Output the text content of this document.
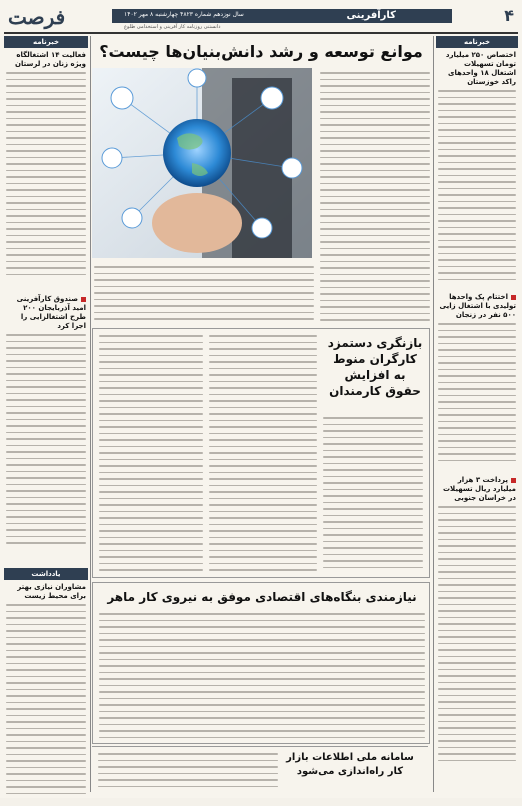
۴
کارآفرینی
سال نوزدهم شماره ۴۸۲۳ چهارشنبه ۸ مهر ۱۴۰۲
دانستنی روزنامه کار آفرینی و استخدامی طلوع
فرصت
خبرنامه
اختصاص ۲۵۰ میلیارد تومان تسهیلات اشتغال ۱۸ واحدهای راکد خوزستان
اختتام پک واحدها تولیدی با اشتغال زایی ۵۰۰ نفر در زنجان
پرداخت ۳ هزار میلیارد ریال تسهیلات در خراسان جنوبی
خبرنامه
فعالیت ۱۴ اشتغالگاه ویژه زنان در لرستان
صندوق کارآفرینی امید آذربایجان ۲۰۰ طرح اشتغالزایی را اجرا کرد
یادداشت
مشاوران نیازی بهتر برای محیط زیست
موانع توسعه و رشد دانش‌بنیان‌ها چیست؟
بازنگری دستمزد کارگران منوط به افزایش حقوق کارمندان
نیازمندی بنگاه‌های اقتصادی موفق به نیروی کار ماهر
سامانه ملی اطلاعات بازار کار راه‌اندازی می‌شود
